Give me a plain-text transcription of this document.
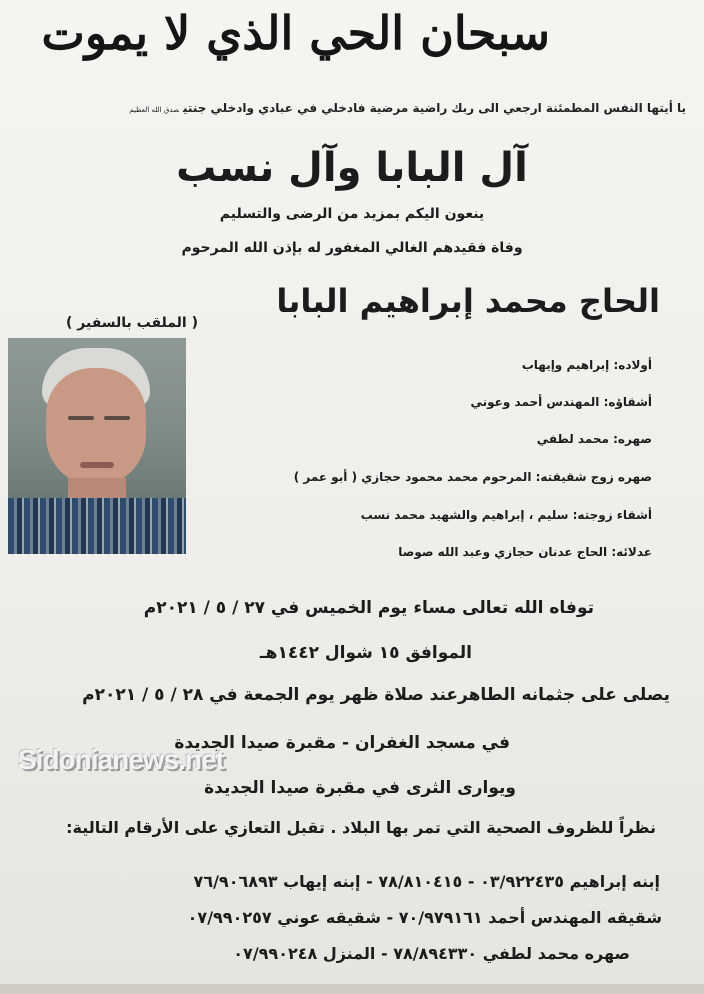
سبحان الحي الذي لا يموت
يا أيتها النفس المطمئنة ارجعي الى ربك راضية مرضية فادخلي في عبادي وادخلي جنتيصدق الله العظيم
آل البابا وآل نسب
ينعون اليكم بمزيد من الرضى والتسليم
وفاة فقيدهم الغالي المغفور له بإذن الله المرحوم
الحاج محمد إبراهيم البابا
( الملقب بالسفير )
أولاده: إبراهيم وإيهاب
أشقاؤه: المهندس أحمد وعوني
صهره: محمد لطفي
صهره زوج شقيقته: المرحوم محمد محمود حجازي ( أبو عمر )
أشقاء زوجته: سليم ، إبراهيم والشهيد محمد نسب
عدلائه: الحاج عدنان حجازي وعبد الله صوصا
توفاه الله تعالى مساء يوم الخميس في ٢٧ / ٥ / ٢٠٢١م
الموافق ١٥ شوال ١٤٤٢هـ
يصلى على جثمانه الطاهرعند صلاة ظهر يوم الجمعة في ٢٨ / ٥ / ٢٠٢١م
في مسجد الغفران - مقبرة صيدا الجديدة
ويوارى الثرى في مقبرة صيدا الجديدة
Sidonianews.net
نظراً للظروف الصحية التي تمر بها البلاد . تقبل التعازي على الأرقام التالية:
إبنه إبراهيم ٠٣/٩٢٢٤٣٥ - ٧٨/٨١٠٤١٥ - إبنه إيهاب ٧٦/٩٠٦٨٩٣
شقيقه المهندس أحمد ٧٠/٩٧٩١٦١ - شقيقه عوني ٠٧/٩٩٠٢٥٧
صهره محمد لطفي ٧٨/٨٩٤٣٣٠ - المنزل ٠٧/٩٩٠٢٤٨
